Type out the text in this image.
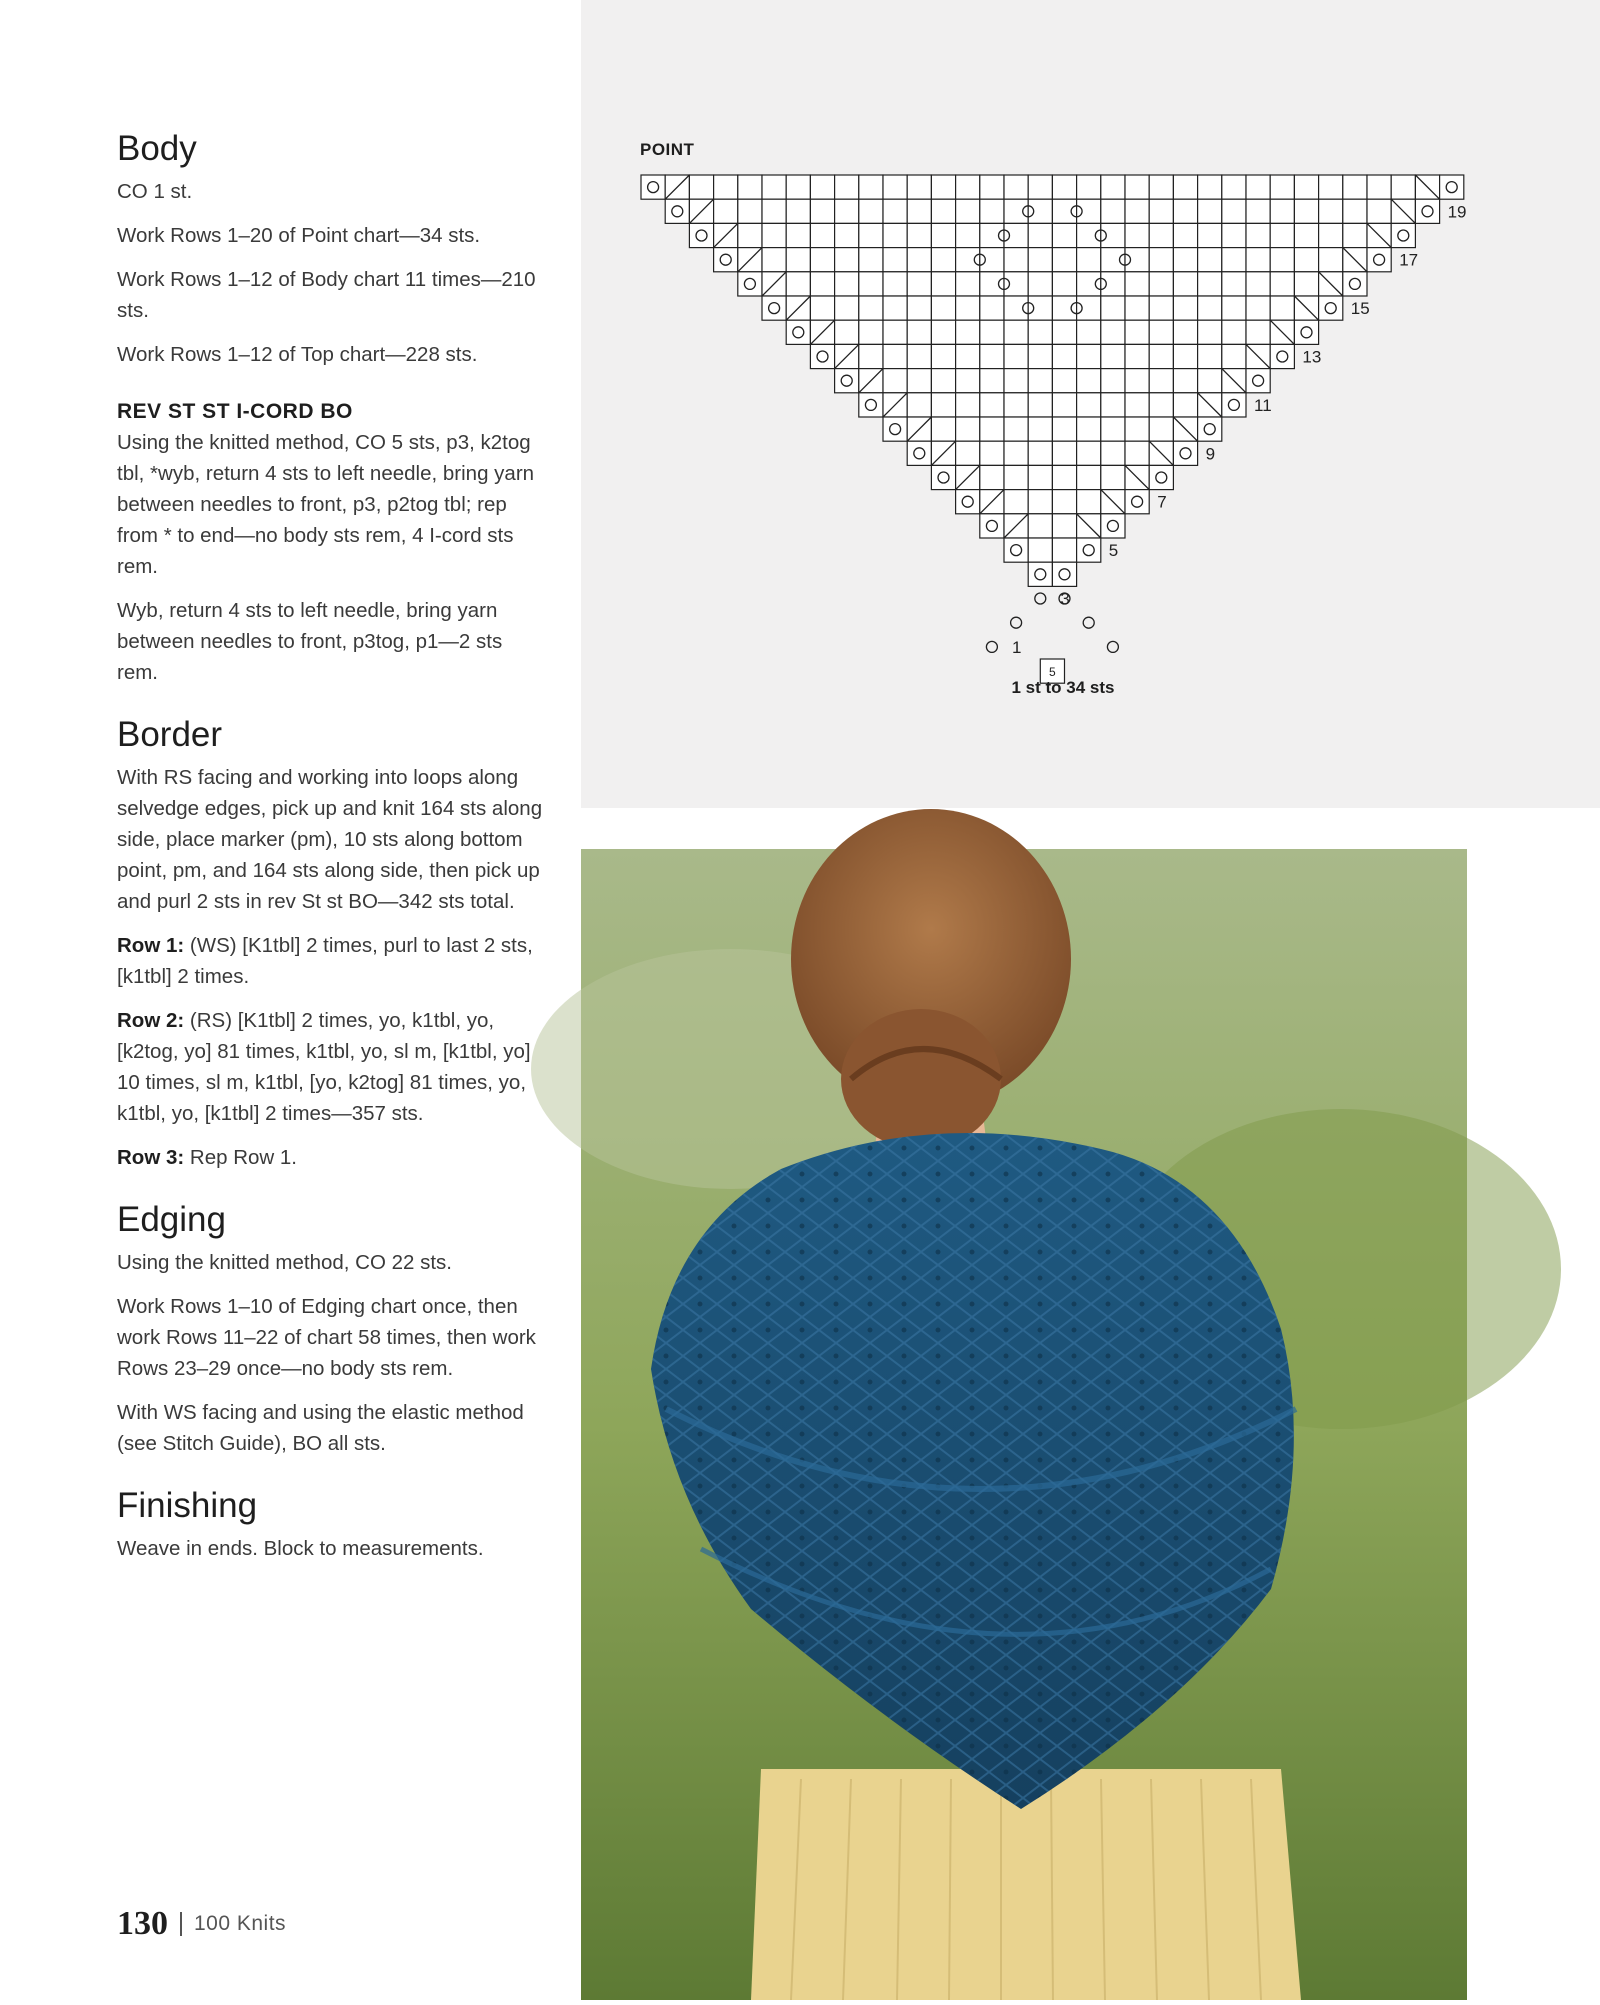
Body

CO 1 st.

Work Rows 1–20 of Point chart—34 sts.

Work Rows 1–12 of Body chart 11 times—210 sts.

Work Rows 1–12 of Top chart—228 sts.

REV ST ST I-CORD BO

Using the knitted method, CO 5 sts, p3, k2tog tbl, *wyb, return 4 sts to left needle, bring yarn between needles to front, p3, p2tog tbl; rep from * to end—no body sts rem, 4 I-cord sts rem.

Wyb, return 4 sts to left needle, bring yarn between needles to front, p3tog, p1—2 sts rem.

Border

With RS facing and working into loops along selvedge edges, pick up and knit 164 sts along side, place marker (pm), 10 sts along bottom point, pm, and 164 sts along side, then pick up and purl 2 sts in rev St st BO—342 sts total.

Row 1: (WS) [K1tbl] 2 times, purl to last 2 sts, [k1tbl] 2 times.

Row 2: (RS) [K1tbl] 2 times, yo, k1tbl, yo, [k2tog, yo] 81 times, k1tbl, yo, sl m, [k1tbl, yo] 10 times, sl m, k1tbl, [yo, k2tog] 81 times, yo, k1tbl, yo, [k1tbl] 2 times—357 sts.

Row 3: Rep Row 1.

Edging

Using the knitted method, CO 22 sts.

Work Rows 1–10 of Edging chart once, then work Rows 11–22 of chart 58 times, then work Rows 23–29 once—no body sts rem.

With WS facing and using the elastic method (see Stitch Guide), BO all sts.

Finishing

Weave in ends. Block to measurements.

POINT
5
19
17
15
13
11
9
7
5
3
1
1 st to 34 sts
130 100 Knits
